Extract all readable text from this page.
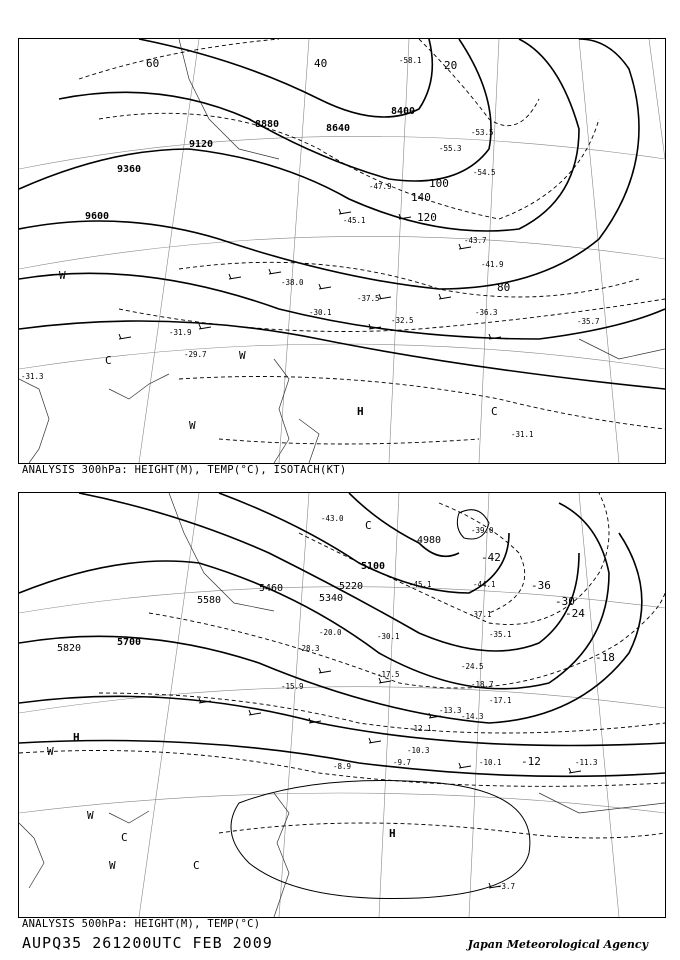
8400
8640
8880
9120
9360
9600
20
40
60
80
100
120
140
-31.3
-29.7
-31.9
-36.3
-37.5
-32.5	-35.7
-41.9
-43.7
-53.5
-54.5
-55.3
-58.1
-31.1
-38.0
-45.1
-47.9
-30.1
H	C
W
W
W
C
ANALYSIS 300hPa: HEIGHT(M), TEMP(°C), ISOTACH(KT)
4980
5100
5220
5340
5460
5580
5700
5820
-42
-36
-30
-24
-18
-12
-45.1	-44.1
-37.1
-35.1
-24.5
-18.7
-17.5
-14.3
-12.1
-10.3
-10.1	-11.3
-9.7
-8.9
-3.7
-43.0
-39.0
-30.1
-28.3
-20.0
-17.1
-15.9
-13.3
H
H
W
W
W
C
C
C
ANALYSIS 500hPa: HEIGHT(M), TEMP(°C)
AUPQ35 261200UTC FEB 2009	Japan Meteorological Agency
